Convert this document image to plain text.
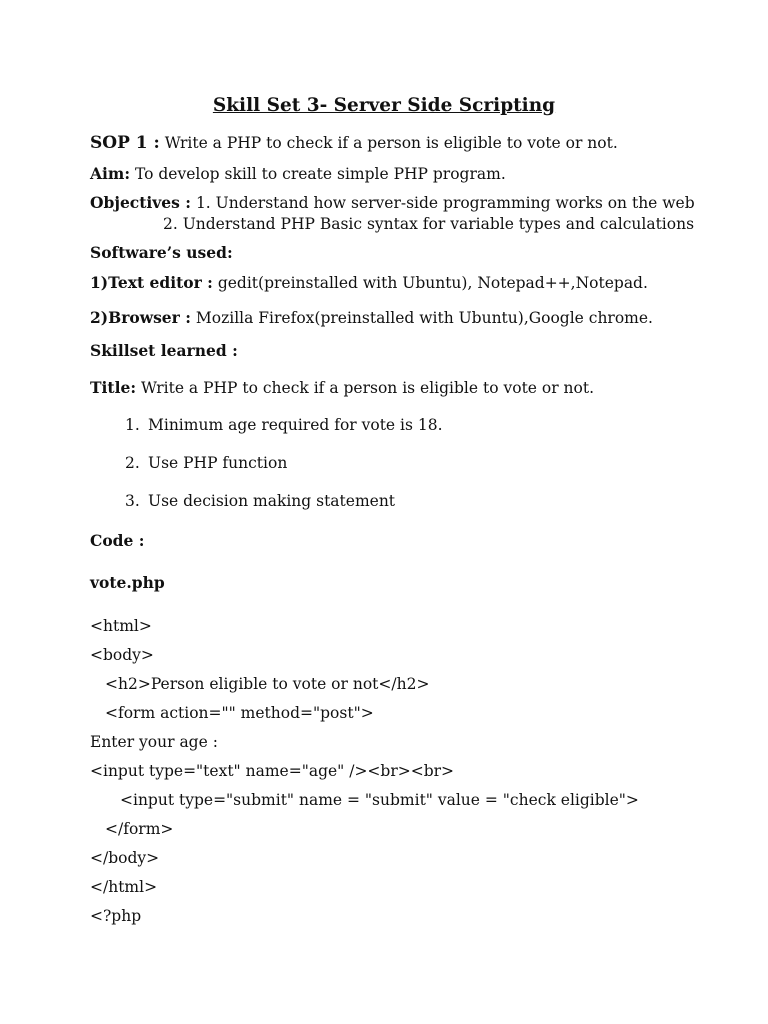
Skill Set 3- Server Side Scripting
SOP 1 : Write a PHP to check if a person is eligible to vote or not.
Aim: To develop skill to create simple PHP program.
Objectives : 1. Understand how server-side programming works on the web
2. Understand PHP Basic syntax for variable types and calculations
Software’s used:
1)Text editor : gedit(preinstalled with Ubuntu), Notepad++,Notepad.
2)Browser : Mozilla Firefox(preinstalled with Ubuntu),Google chrome.
Skillset learned :
Title: Write a PHP to check if a person is eligible to vote or not.
1. Minimum age required for vote is 18.
2. Use PHP function
3. Use decision making statement
Code :
vote.php
<html>
<body>
<h2>Person eligible to vote or not</h2>
<form action="" method="post">
Enter your age :
<input type="text" name="age" /><br><br>
<input type="submit" name = "submit" value = "check eligible">
</form>
</body>
</html>
<?php
